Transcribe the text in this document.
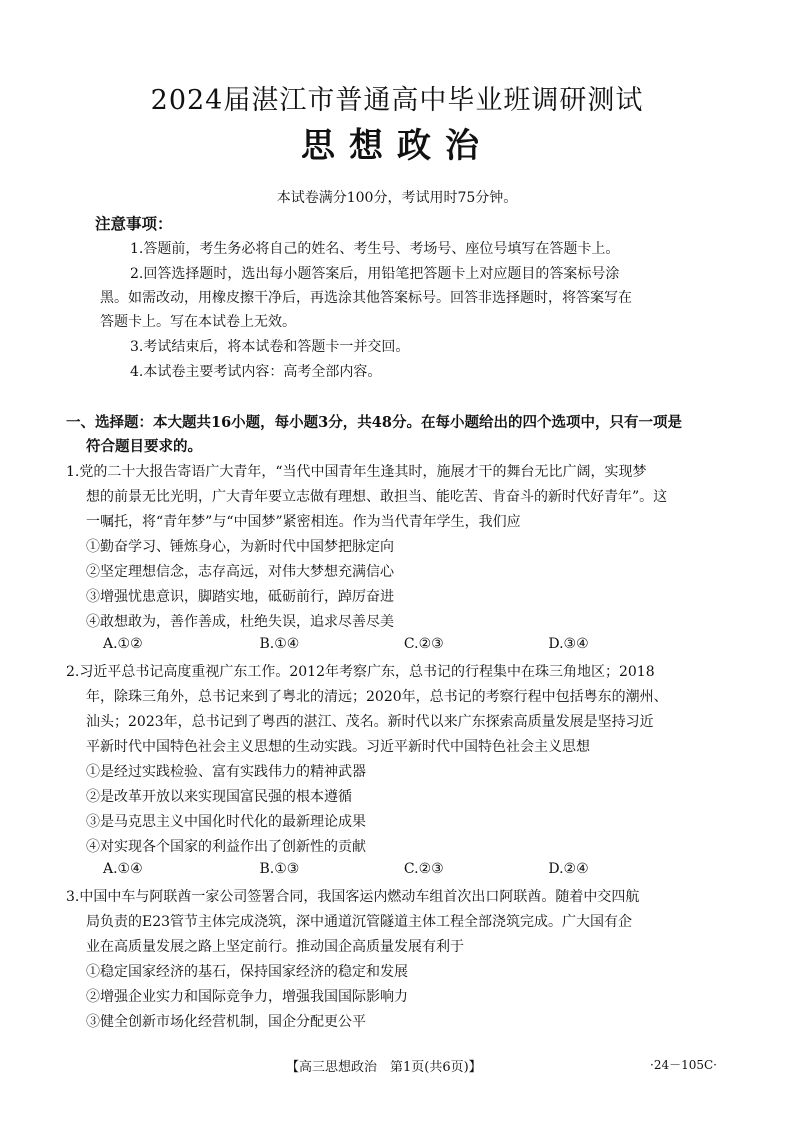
2024届湛江市普通高中毕业班调研测试
思想政治
本试卷满分100分，考试用时75分钟。
注意事项：
1.答题前，考生务必将自己的姓名、考生号、考场号、座位号填写在答题卡上。
2.回答选择题时，选出每小题答案后，用铅笔把答题卡上对应题目的答案标号涂
黑。如需改动，用橡皮擦干净后，再选涂其他答案标号。回答非选择题时，将答案写在
答题卡上。写在本试卷上无效。
3.考试结束后，将本试卷和答题卡一并交回。
4.本试卷主要考试内容：高考全部内容。
一、选择题：本大题共16小题，每小题3分，共48分。在每小题给出的四个选项中，只有一项是
符合题目要求的。
1.党的二十大报告寄语广大青年，“当代中国青年生逢其时，施展才干的舞台无比广阔，实现梦
想的前景无比光明，广大青年要立志做有理想、敢担当、能吃苦、肯奋斗的新时代好青年”。这
一嘱托，将“青年梦”与“中国梦”紧密相连。作为当代青年学生，我们应
①勤奋学习、锤炼身心，为新时代中国梦把脉定向
②坚定理想信念，志存高远，对伟大梦想充满信心
③增强忧患意识，脚踏实地，砥砺前行，踔厉奋进
④敢想敢为，善作善成，杜绝失误，追求尽善尽美
A.①②	B.①④	C.②③	D.③④
2.习近平总书记高度重视广东工作。2012年考察广东，总书记的行程集中在珠三角地区；2018
年，除珠三角外，总书记来到了粤北的清远；2020年，总书记的考察行程中包括粤东的潮州、
汕头；2023年，总书记到了粤西的湛江、茂名。新时代以来广东探索高质量发展是坚持习近
平新时代中国特色社会主义思想的生动实践。习近平新时代中国特色社会主义思想
①是经过实践检验、富有实践伟力的精神武器
②是改革开放以来实现国富民强的根本遵循
③是马克思主义中国化时代化的最新理论成果
④对实现各个国家的利益作出了创新性的贡献
A.①④	B.①③	C.②③	D.②④
3.中国中车与阿联酋一家公司签署合同，我国客运内燃动车组首次出口阿联酋。随着中交四航
局负责的E23管节主体完成浇筑，深中通道沉管隧道主体工程全部浇筑完成。广大国有企
业在高质量发展之路上坚定前行。推动国企高质量发展有利于
①稳定国家经济的基石，保持国家经济的稳定和发展
②增强企业实力和国际竞争力，增强我国国际影响力
③健全创新市场化经营机制，国企分配更公平
【高三思想政治　第1页(共6页)】	·24－105C·
